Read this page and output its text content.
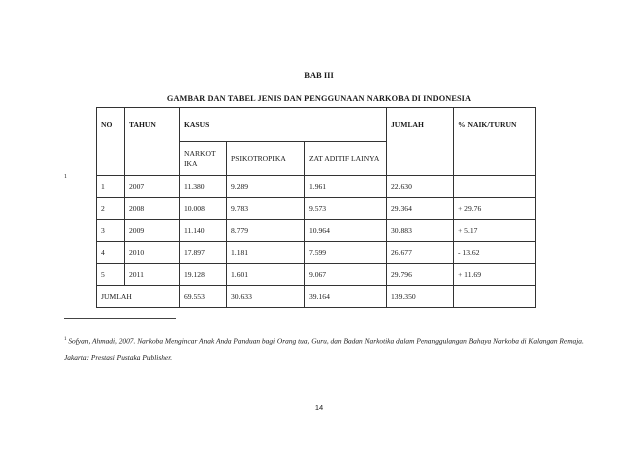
BAB III
GAMBAR DAN TABEL JENIS DAN PENGGUNAAN NARKOBA DI INDONESIA
1
NO	TAHUN	KASUS			JUMLAH	% NAIK/TURUN
		NARKOT IKA	PSIKOTROPIKA	ZAT ADITIF LAINYA		
1	2007	11.380	9.289	1.961	22.630	
2	2008	10.008	9.783	9.573	29.364	+ 29.76
3	2009	11.140	8.779	10.964	30.883	+ 5.17
4	2010	17.897	1.181	7.599	26.677	- 13.62
5	2011	19.128	1.601	9.067	29.796	+ 11.69
JUMLAH		69.553	30.633	39.164	139.350	
$^1$ Sofyan, Ahmadi, 2007. Narkoba Mengincar Anak Anda Panduan bagi Orang tua, Guru, dan Badan Narkotika dalam Penanggulangan Bahaya Narkoba di Kalangan Remaja. Jakarta: Prestasi Pustaka Publisher.
14
